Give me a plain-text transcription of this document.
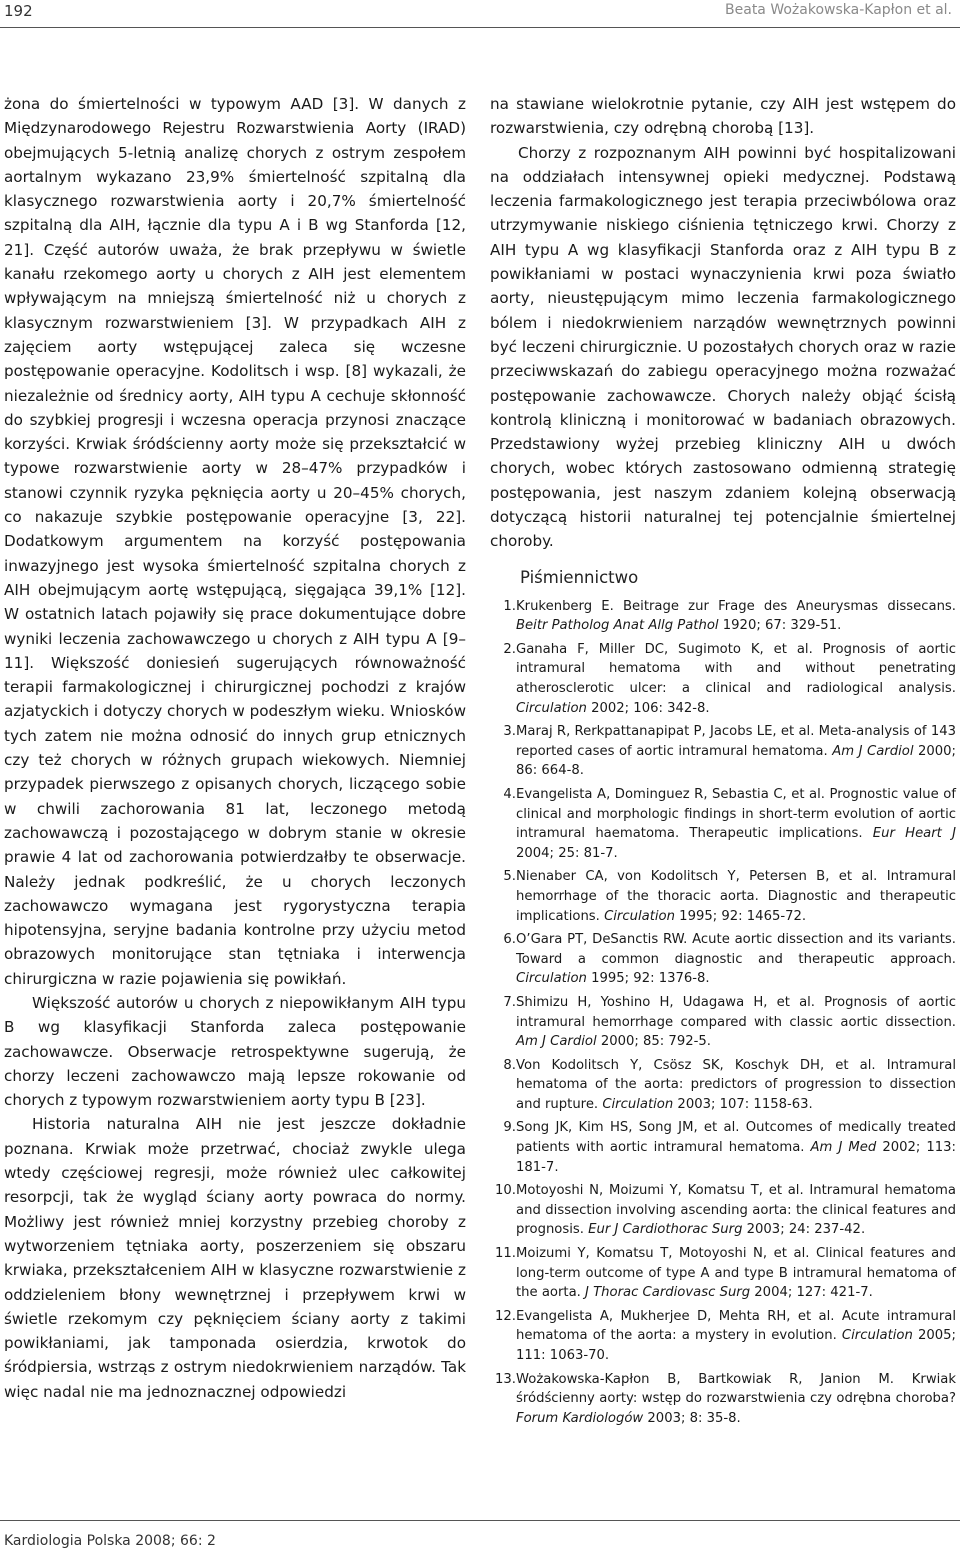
192	Beata Wożakowska-Kapłon et al.

żona do śmiertelności w typowym AAD [3]. W danych z Międzynarodowego Rejestru Rozwarstwienia Aorty (IRAD) obejmujących 5-letnią analizę chorych z ostrym zespołem aortalnym wykazano 23,9% śmiertelność szpitalną dla klasycznego rozwarstwienia aorty i 20,7% śmiertelność szpitalną dla AIH, łącznie dla typu A i B wg Stanforda [12, 21]. Część autorów uważa, że brak przepływu w świetle kanału rzekomego aorty u chorych z AIH jest elementem wpływającym na mniejszą śmiertelność niż u chorych z klasycznym rozwarstwieniem [3]. W przypadkach AIH z zajęciem aorty wstępującej zaleca się wczesne postępowanie operacyjne. Kodolitsch i wsp. [8] wykazali, że niezależnie od średnicy aorty, AIH typu A cechuje skłonność do szybkiej progresji i wczesna operacja przynosi znaczące korzyści. Krwiak śródścienny aorty może się przekształcić w typowe rozwarstwienie aorty w 28–47% przypadków i stanowi czynnik ryzyka pęknięcia aorty u 20–45% chorych, co nakazuje szybkie postępowanie operacyjne [3, 22]. Dodatkowym argumentem na korzyść postępowania inwazyjnego jest wysoka śmiertelność szpitalna chorych z AIH obejmującym aortę wstępującą, sięgająca 39,1% [12]. W ostatnich latach pojawiły się prace dokumentujące dobre wyniki leczenia zachowawczego u chorych z AIH typu A [9–11]. Większość doniesień sugerujących równoważność terapii farmakologicznej i chirurgicznej pochodzi z krajów azjatyckich i dotyczy chorych w podeszłym wieku. Wniosków tych zatem nie można odnosić do innych grup etnicznych czy też chorych w różnych grupach wiekowych. Niemniej przypadek pierwszego z opisanych chorych, liczącego sobie w chwili zachorowania 81 lat, leczonego metodą zachowawczą i pozostającego w dobrym stanie w okresie prawie 4 lat od zachorowania potwierdzałby te obserwacje. Należy jednak podkreślić, że u chorych leczonych zachowawczo wymagana jest rygorystyczna terapia hipotensyjna, seryjne badania kontrolne przy użyciu metod obrazowych monitorujące stan tętniaka i interwencja chirurgiczna w razie pojawienia się powikłań.

Większość autorów u chorych z niepowikłanym AIH typu B wg klasyfikacji Stanforda zaleca postępowanie zachowawcze. Obserwacje retrospektywne sugerują, że chorzy leczeni zachowawczo mają lepsze rokowanie od chorych z typowym rozwarstwieniem aorty typu B [23].

Historia naturalna AIH nie jest jeszcze dokładnie poznana. Krwiak może przetrwać, chociaż zwykle ulega wtedy częściowej regresji, może również ulec całkowitej resorpcji, tak że wygląd ściany aorty powraca do normy. Możliwy jest również mniej korzystny przebieg choroby z wytworzeniem tętniaka aorty, poszerzeniem się obszaru krwiaka, przekształceniem AIH w klasyczne rozwarstwienie z oddzieleniem błony wewnętrznej i przepływem krwi w świetle rzekomym czy pęknięciem ściany aorty z takimi powikłaniami, jak tamponada osierdzia, krwotok do śródpiersia, wstrząs z ostrym niedokrwieniem narządów. Tak więc nadal nie ma jednoznacznej odpowiedzi

na stawiane wielokrotnie pytanie, czy AIH jest wstępem do rozwarstwienia, czy odrębną chorobą [13].

Chorzy z rozpoznanym AIH powinni być hospitalizowani na oddziałach intensywnej opieki medycznej. Podstawą leczenia farmakologicznego jest terapia przeciwbólowa oraz utrzymywanie niskiego ciśnienia tętniczego krwi. Chorzy z AIH typu A wg klasyfikacji Stanforda oraz z AIH typu B z powikłaniami w postaci wynaczynienia krwi poza światło aorty, nieustępującym mimo leczenia farmakologicznego bólem i niedokrwieniem narządów wewnętrznych powinni być leczeni chirurgicznie. U pozostałych chorych oraz w razie przeciwwskazań do zabiegu operacyjnego można rozważać postępowanie zachowawcze. Chorych należy objąć ścisłą kontrolą kliniczną i monitorować w badaniach obrazowych. Przedstawiony wyżej przebieg kliniczny AIH u dwóch chorych, wobec których zastosowano odmienną strategię postępowania, jest naszym zdaniem kolejną obserwacją dotyczącą historii naturalnej tej potencjalnie śmiertelnej choroby.

Piśmiennictwo
1. Krukenberg E. Beitrage zur Frage des Aneurysmas dissecans. Beitr Patholog Anat Allg Pathol 1920; 67: 329-51.
2. Ganaha F, Miller DC, Sugimoto K, et al. Prognosis of aortic intramural hematoma with and without penetrating atherosclerotic ulcer: a clinical and radiological analysis. Circulation 2002; 106: 342-8.
3. Maraj R, Rerkpattanapipat P, Jacobs LE, et al. Meta-analysis of 143 reported cases of aortic intramural hematoma. Am J Cardiol 2000; 86: 664-8.
4. Evangelista A, Dominguez R, Sebastia C, et al. Prognostic value of clinical and morphologic findings in short-term evolution of aortic intramural haematoma. Therapeutic implications. Eur Heart J 2004; 25: 81-7.
5. Nienaber CA, von Kodolitsch Y, Petersen B, et al. Intramural hemorrhage of the thoracic aorta. Diagnostic and therapeutic implications. Circulation 1995; 92: 1465-72.
6. O’Gara PT, DeSanctis RW. Acute aortic dissection and its variants. Toward a common diagnostic and therapeutic approach. Circulation 1995; 92: 1376-8.
7. Shimizu H, Yoshino H, Udagawa H, et al. Prognosis of aortic intramural hemorrhage compared with classic aortic dissection. Am J Cardiol 2000; 85: 792-5.
8. Von Kodolitsch Y, Csösz SK, Koschyk DH, et al. Intramural hematoma of the aorta: predictors of progression to dissection and rupture. Circulation 2003; 107: 1158-63.
9. Song JK, Kim HS, Song JM, et al. Outcomes of medically treated patients with aortic intramural hematoma. Am J Med 2002; 113: 181-7.
10. Motoyoshi N, Moizumi Y, Komatsu T, et al. Intramural hematoma and dissection involving ascending aorta: the clinical features and prognosis. Eur J Cardiothorac Surg 2003; 24: 237-42.
11. Moizumi Y, Komatsu T, Motoyoshi N, et al. Clinical features and long-term outcome of type A and type B intramural hematoma of the aorta. J Thorac Cardiovasc Surg 2004; 127: 421-7.
12. Evangelista A, Mukherjee D, Mehta RH, et al. Acute intramural hematoma of the aorta: a mystery in evolution. Circulation 2005; 111: 1063-70.
13. Wożakowska-Kapłon B, Bartkowiak R, Janion M. Krwiak śródścienny aorty: wstęp do rozwarstwienia czy odrębna choroba? Forum Kardiologów 2003; 8: 35-8.
Kardiologia Polska 2008; 66: 2
